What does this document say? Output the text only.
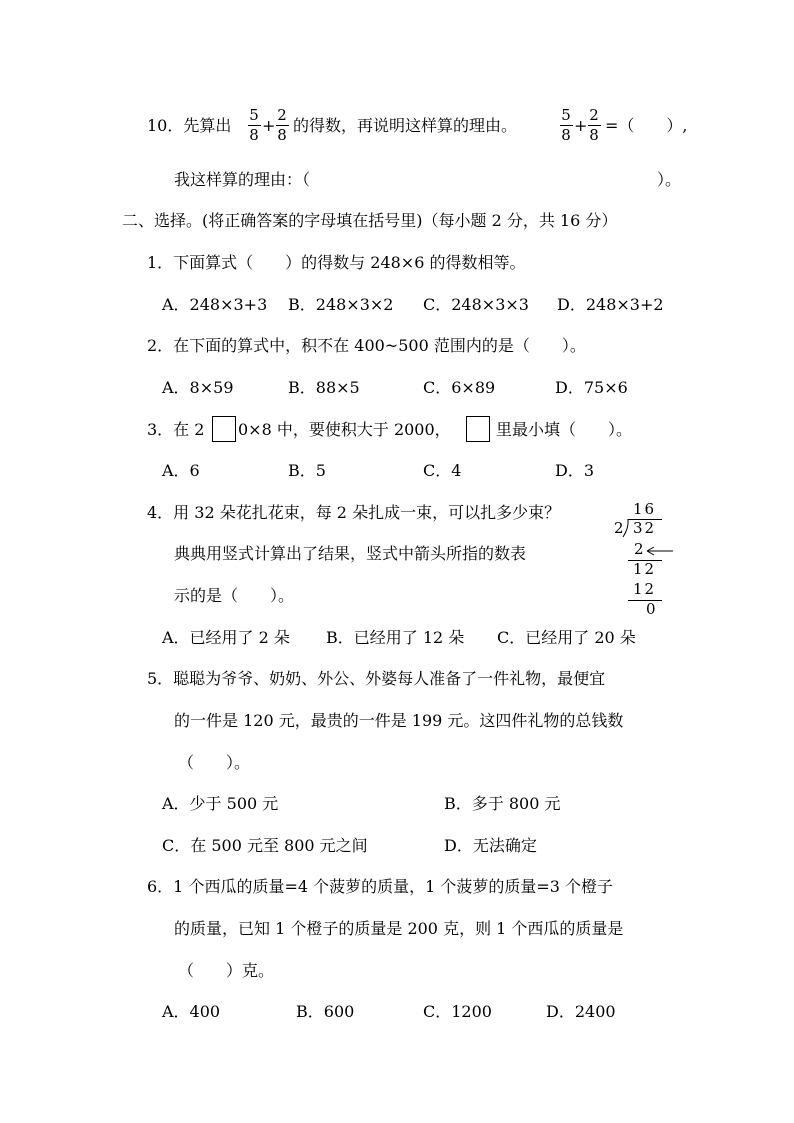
10．先算出
5
8 +
2
8 的得数，再说明这样算的理由。
5
8 +
2
8 =（　　）,
我这样算的理由：（	）。
二、选择。(将正确答案的字母填在括号里)（每小题 2 分，共 16 分）
1．下面算式（　　）的得数与 248×6 的得数相等。
A．248×3+3 B．248×3×2 C．248×3×3 D．248×3+2
2．在下面的算式中，积不在 400~500 范围内的是（　　）。
A．8×59	B．88×5	C．6×89	D．75×6
3．在 2 0×8 中，要使积大于 2000，	里最小填（　　）。
A．6	B．5	C．4	D．3
4．用 32 朵花扎花束，每 2 朵扎成一束，可以扎多少束？
典典用竖式计算出了结果，竖式中箭头所指的数表
示的是（　　）。
16
2 32
2
12
12
0
A．已经用了 2 朵 B．已经用了 12 朵 C．已经用了 20 朵
5．聪聪为爷爷、奶奶、外公、外婆每人准备了一件礼物，最便宜
的一件是 120 元，最贵的一件是 199 元。这四件礼物的总钱数
（　　）。
A．少于 500 元	B．多于 800 元
C．在 500 元至 800 元之间	D．无法确定
6．1 个西瓜的质量=4 个菠萝的质量，1 个菠萝的质量=3 个橙子
的质量，已知 1 个橙子的质量是 200 克，则 1 个西瓜的质量是
（　　）克。
A．400	B．600	C．1200	D．2400
